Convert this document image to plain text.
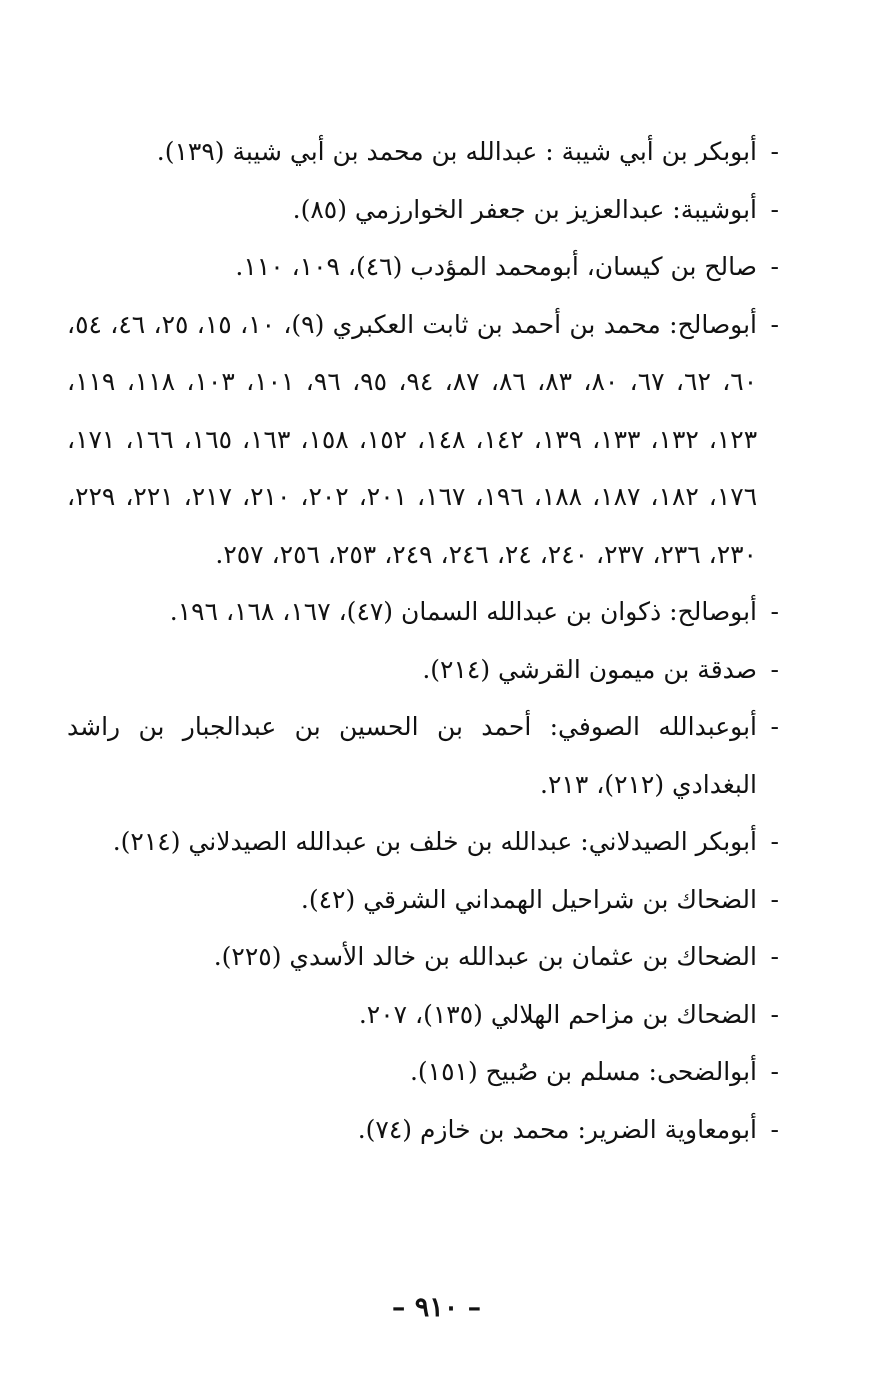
-
أبوبكر بن أبي شيبة : عبدالله بن محمد بن أبي شيبة (١٣٩).
-
أبوشيبة: عبدالعزيز بن جعفر الخوارزمي (٨٥).
-
صالح بن كيسان، أبومحمد المؤدب (٤٦)، ١٠٩، ١١٠.
-
أبوصالح: محمد بن أحمد بن ثابت العكبري (٩)، ١٠، ١٥، ٢٥، ٤٦، ٥٤، ٦٠، ٦٢، ٦٧، ٨٠، ٨٣، ٨٦، ٨٧، ٩٤، ٩٥، ٩٦، ١٠١، ١٠٣، ١١٨، ١١٩، ١٢٣، ١٣٢، ١٣٣، ١٣٩، ١٤٢، ١٤٨، ١٥٢، ١٥٨، ١٦٣، ١٦٥، ١٦٦، ١٧١، ١٧٦، ١٨٢، ١٨٧، ١٨٨، ١٩٦، ١٦٧، ٢٠١، ٢٠٢، ٢١٠، ٢١٧، ٢٢١، ٢٢٩، ٢٣٠، ٢٣٦، ٢٣٧، ٢٤٠، ٢٤، ٢٤٦، ٢٤٩، ٢٥٣، ٢٥٦، ٢٥٧.
-
أبوصالح: ذكوان بن عبدالله السمان (٤٧)، ١٦٧، ١٦٨، ١٩٦.
-
صدقة بن ميمون القرشي (٢١٤).
-
أبوعبدالله الصوفي: أحمد بن الحسين بن عبدالجبار بن راشد البغدادي (٢١٢)، ٢١٣.
-
أبوبكر الصيدلاني: عبدالله بن خلف بن عبدالله الصيدلاني (٢١٤).
-
الضحاك بن شراحيل الهمداني الشرقي (٤٢).
-
الضحاك بن عثمان بن عبدالله بن خالد الأسدي (٢٢٥).
-
الضحاك بن مزاحم الهلالي (١٣٥)، ٢٠٧.
-
أبوالضحى: مسلم بن صُبيح (١٥١).
-
أبومعاوية الضرير: محمد بن خازم (٧٤).
– ٩١٠ –
